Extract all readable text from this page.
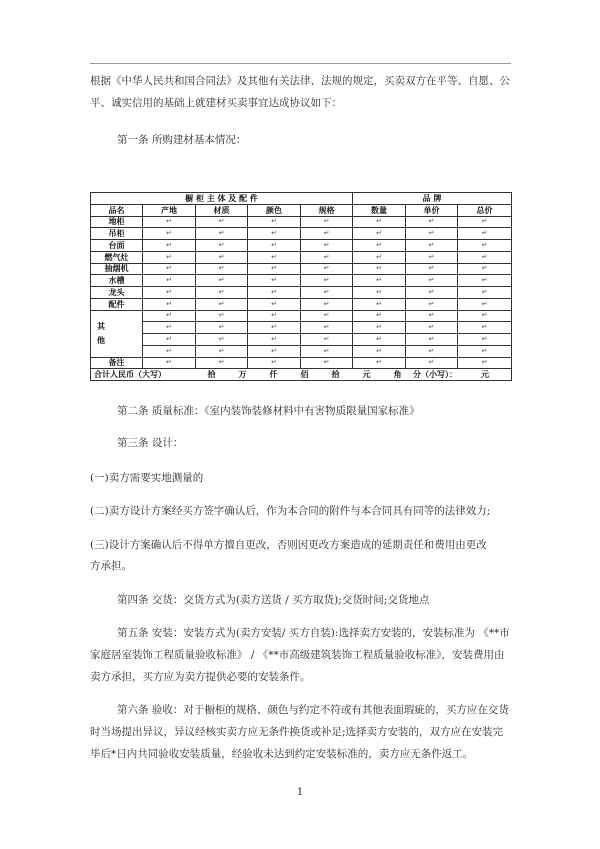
根据《中华人民共和国合同法》及其他有关法律、法规的规定，买卖双方在平等、自愿、公

平、诚实信用的基础上就建材买卖事宜达成协议如下：

第一条 所购建材基本情况：

橱 柜 主 体 及 配 件					品 牌		
品名	产地	材质	颜色	规格	数量	单价	总价
地柜	↵	↵	↵	↵	↵	↵	↵
吊柜	↵	↵	↵	↵	↵	↵	↵
台面	↵	↵	↵	↵	↵	↵	↵
燃气灶	↵	↵	↵	↵	↵	↵	↵
抽烟机	↵	↵	↵	↵	↵	↵	↵
水槽	↵	↵	↵	↵	↵	↵	↵
龙头	↵	↵	↵	↵	↵	↵	↵
配件	↵	↵	↵	↵	↵	↵	↵
其他	↵	↵	↵	↵	↵	↵	↵
	↵	↵	↵	↵	↵	↵	↵
	↵	↵	↵	↵	↵	↵	↵
	↵	↵	↵	↵	↵	↵	↵
备注	↵	↵	↵	↵	↵	↵	↵
合计人民币（大写） 拾 万 仟 佰 拾 元 角 分（小写）： 元							

第二条 质量标准：《室内装饰装修材料中有害物质限量国家标准》

第三条 设计：

(一)卖方需要实地测量的

(二)卖方设计方案经买方签字确认后，作为本合同的附件与本合同具有同等的法律效力;

(三)设计方案确认后不得单方擅自更改，否则因更改方案造成的延期责任和费用由更改

方承担。

第四条 交货：交货方式为(卖方送货 / 买方取货);交货时间;交货地点

第五条 安装：安装方式为(卖方安装/ 买方自装):选择卖方安装的，安装标准为 《**市

家庭居室装饰工程质量验收标准》 / 《**市高级建筑装饰工程质量验收标准》，安装费用由

卖方承担，买方应为卖方提供必要的安装条件。

第六条 验收：对于橱柜的规格、颜色与约定不符或有其他表面瑕疵的，买方应在交货

时当场提出异议，异议经核实卖方应无条件换货或补足;选择卖方安装的，双方应在安装完

毕后*日内共同验收安装质量，经验收未达到约定安装标准的，卖方应无条件返工。

1
